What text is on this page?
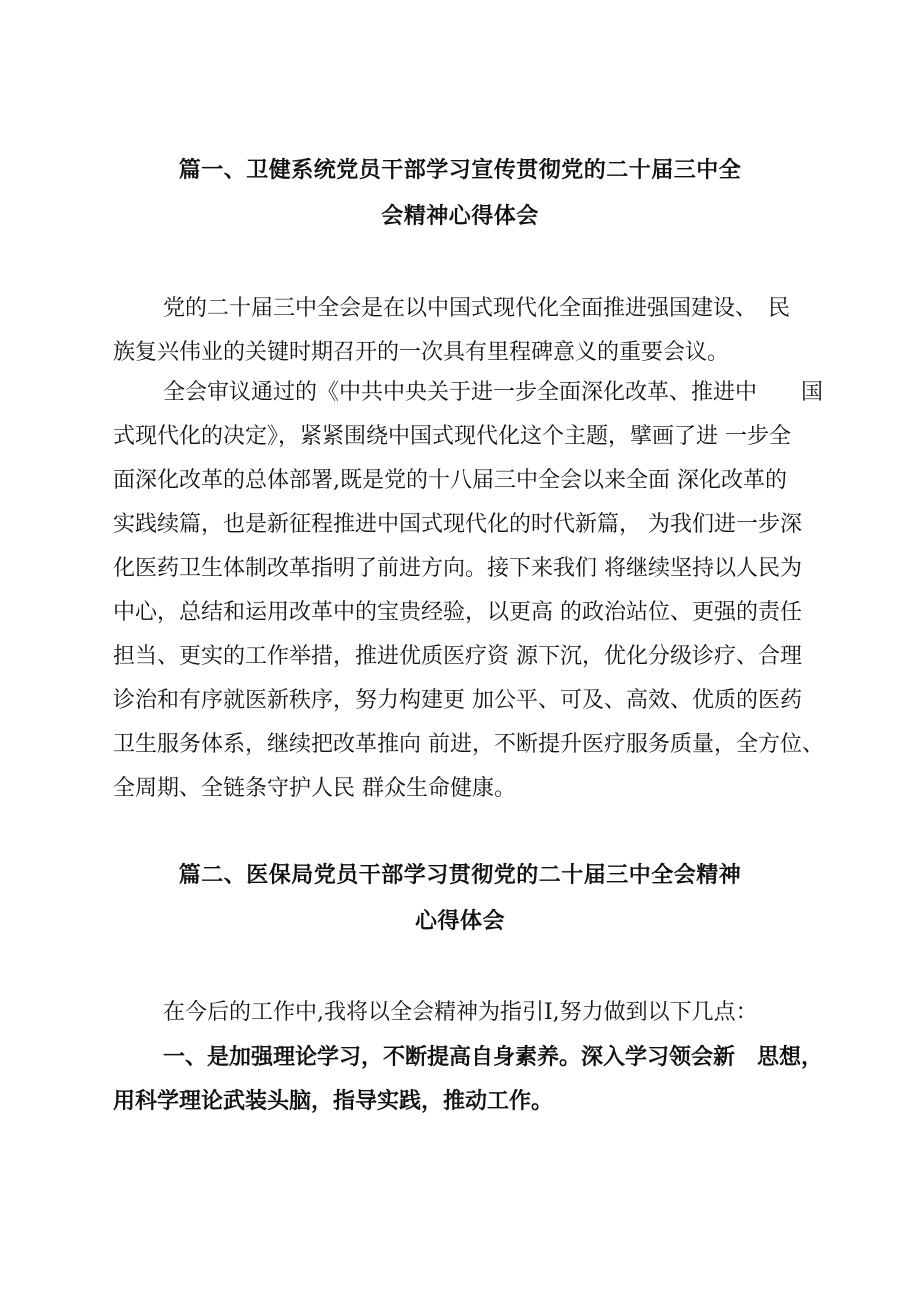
篇一、卫健系统党员干部学习宣传贯彻党的二十届三中全
会精神心得体会
党的二十届三中全会是在以中国式现代化全面推进强国建设、　民
族复兴伟业的关键时期召开的一次具有里程碑意义的重要会议。
全会审议通过的《中共中央关于进一步全面深化改革、推进中　　国
式现代化的决定》，紧紧围绕中国式现代化这个主题，擘画了进 一步全
面深化改革的总体部署,既是党的十八届三中全会以来全面 深化改革的
实践续篇，也是新征程推进中国式现代化的时代新篇， 为我们进一步深
化医药卫生体制改革指明了前进方向。接下来我们 将继续坚持以人民为
中心，总结和运用改革中的宝贵经验，以更高 的政治站位、更强的责任
担当、更实的工作举措，推进优质医疗资 源下沉，优化分级诊疗、合理
诊治和有序就医新秩序，努力构建更 加公平、可及、高效、优质的医药
卫生服务体系，继续把改革推向 前进，不断提升医疗服务质量，全方位、
全周期、全链条守护人民 群众生命健康。
篇二、医保局党员干部学习贯彻党的二十届三中全会精神
心得体会
在今后的工作中,我将以全会精神为指引I,努力做到以下几点：
一、是加强理论学习，不断提高自身素养。深入学习领会新　思想，
用科学理论武装头脑，指导实践，推动工作。
